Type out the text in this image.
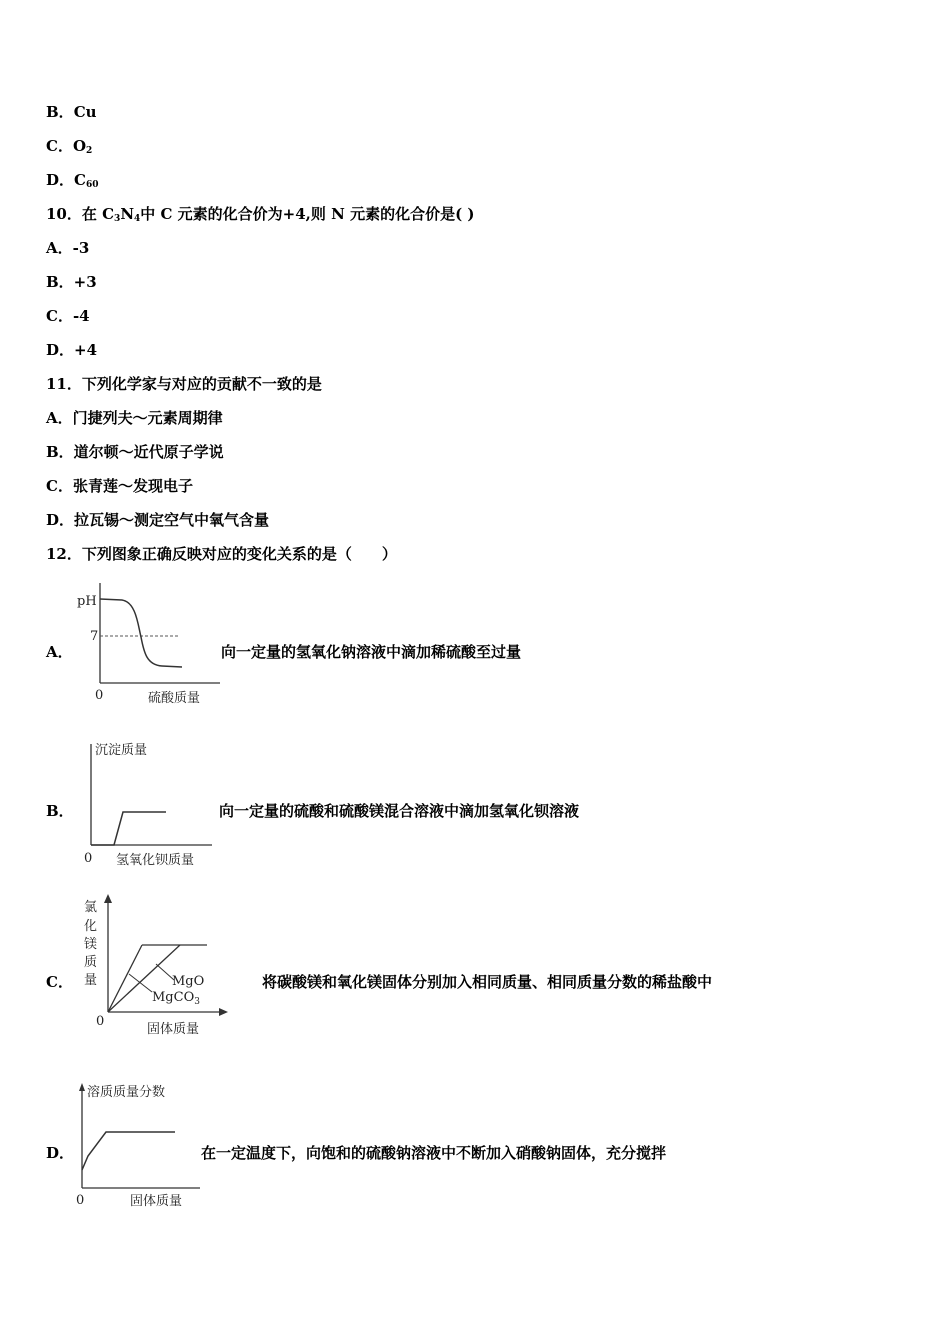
B．Cu
C．$O_2$
D．$C_{60}$
10．在 $C_3N_4$中 C 元素的化合价为+4,则 N 元素的化合价是( )
A．-3
B．+3
C．-4
D．+4
11．下列化学家与对应的贡献不一致的是
A．门捷列夫～元素周期律
B．道尔顿～近代原子学说
C．张青莲～发现电子
D．拉瓦锡～测定空气中氧气含量
12．下列图象正确反映对应的变化关系的是（　　）
A．
pH
7
0	硫酸质量
向一定量的氢氧化钠溶液中滴加稀硫酸至过量
B．
沉淀质量
0 氢氧化钡质量
向一定量的硫酸和硫酸镁混合溶液中滴加氢氧化钡溶液
C．
氯
化
镁
质
量	MgO
MgCO$_3$
0
固体质量
将碳酸镁和氧化镁固体分别加入相同质量、相同质量分数的稀盐酸中
D．
溶质质量分数
0	固体质量
在一定温度下，向饱和的硫酸钠溶液中不断加入硝酸钠固体，充分搅拌
